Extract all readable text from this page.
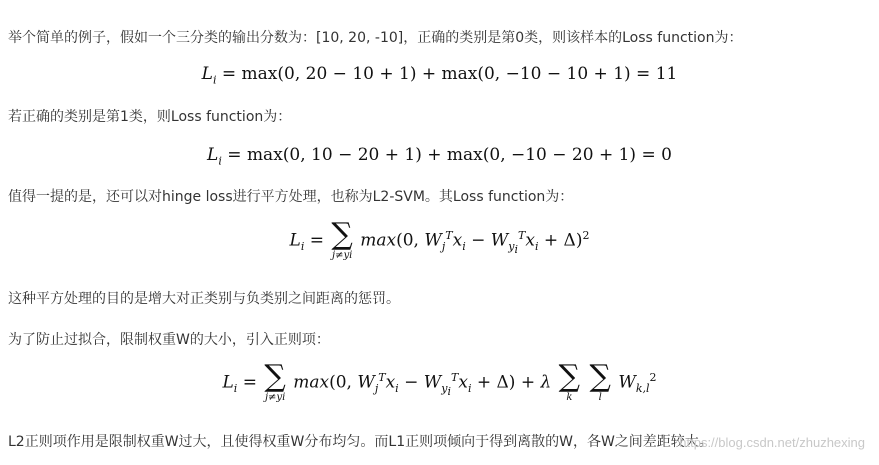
举个简单的例子，假如一个三分类的输出分数为：[10, 20, -10]，正确的类别是第0类，则该样本的Loss function为：
$L_i = \max(0$, 20 − 10 + 1) + max(0, −10 − 10 + 1) = 11
若正确的类别是第1类，则Loss function为：
$L_i = \max(0$, 10 − 20 + 1) + max(0, −10 − 20 + 1) = 0
值得一提的是，还可以对hinge loss进行平方处理，也称为L2-SVM。其Loss function为：
$L_i$ = ∑
j≠yi
max(0, $W_j^Tx_i - W_{y_i}^Tx_i + \Delta)^2$
这种平方处理的目的是增大对正类别与负类别之间距离的惩罚。
为了防止过拟合，限制权重W的大小，引入正则项：
$L_i$ = ∑
j≠yi
max(0, $W_j^Tx_i - W_{y_i}^Tx_i + \Delta) + \lambda$ ∑
k

∑
l
$W_{k,l}^2$
L2正则项作用是限制权重W过大，且使得权重W分布均匀。而L1正则项倾向于得到离散的W，各W之间差距较大。
https://blog.csdn.net/zhuzhexing
